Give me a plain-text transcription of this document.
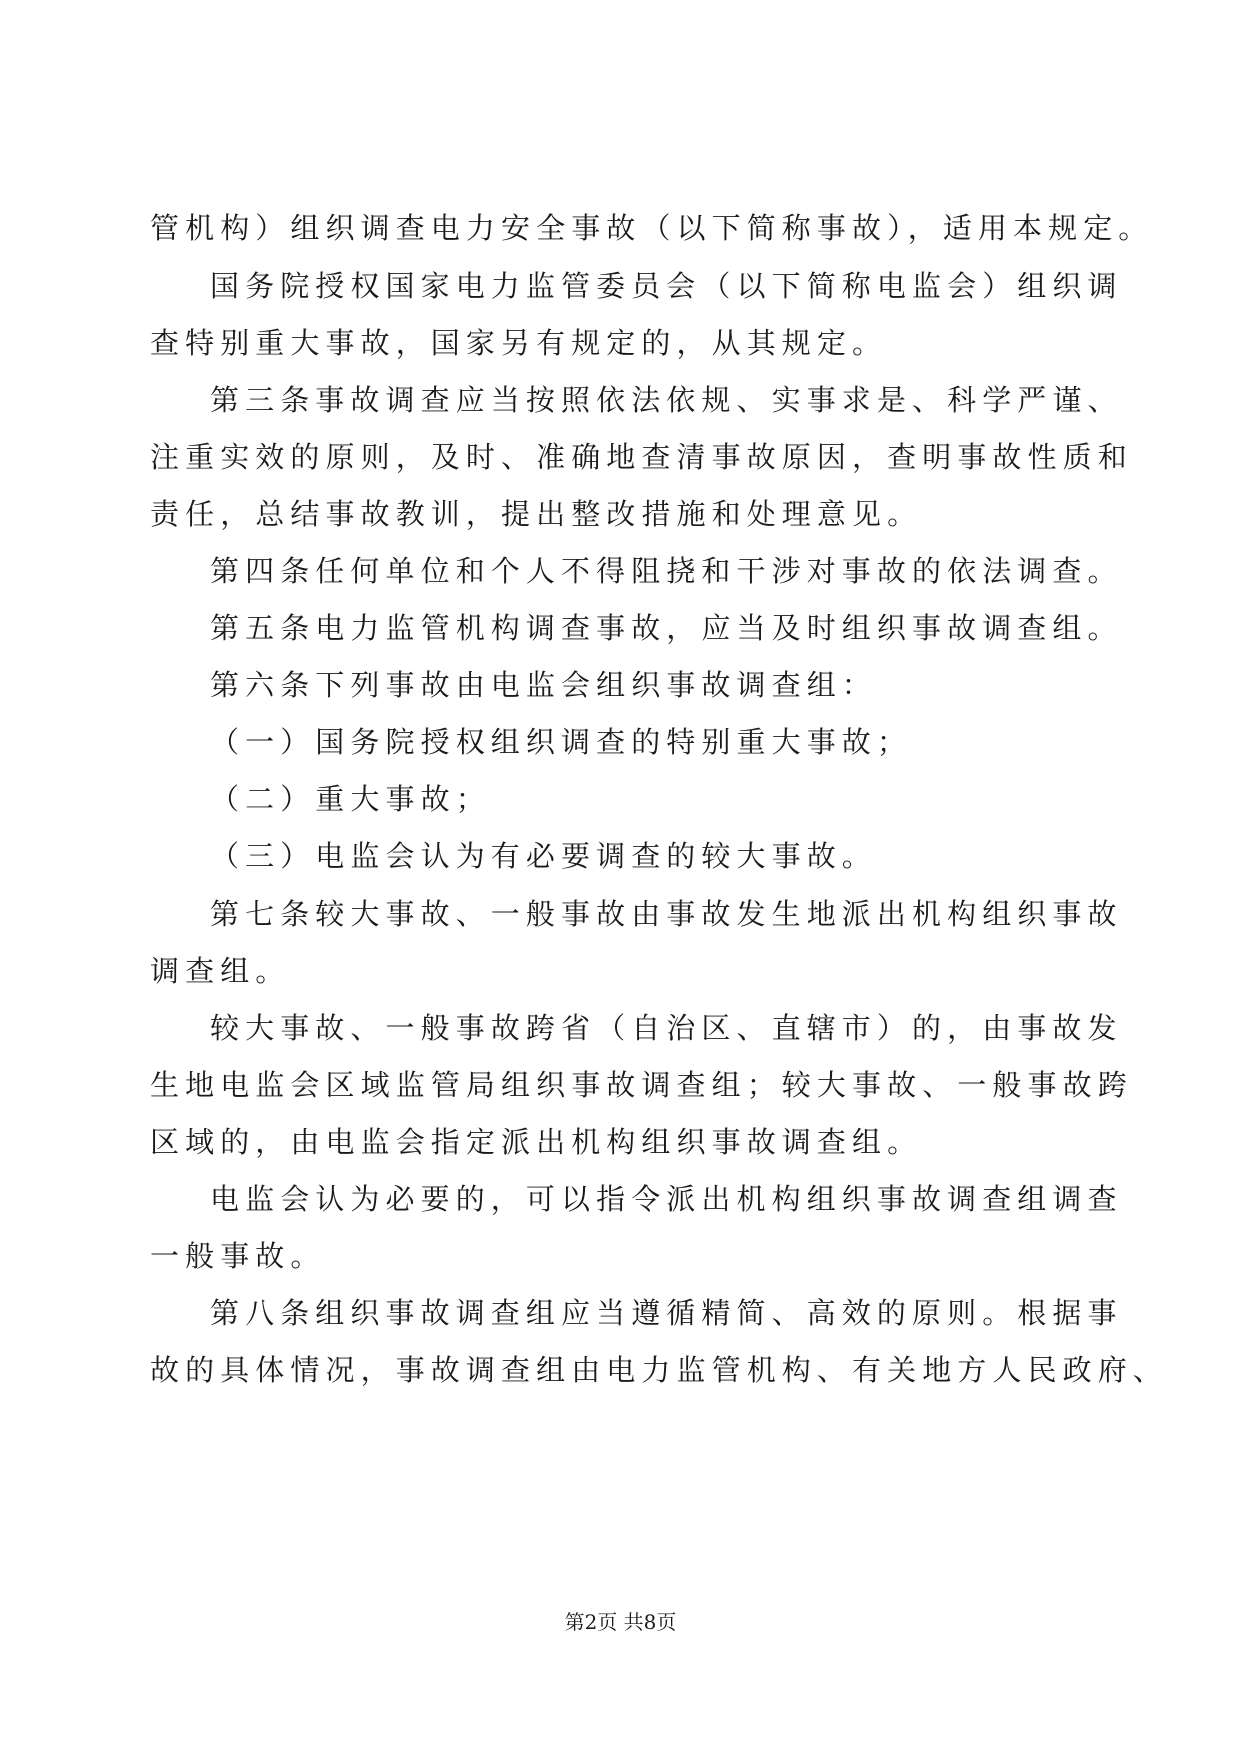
管机构）组织调查电力安全事故（以下简称事故），适用本规定。
国务院授权国家电力监管委员会（以下简称电监会）组织调
查特别重大事故，国家另有规定的，从其规定。
第三条事故调查应当按照依法依规、实事求是、科学严谨、
注重实效的原则，及时、准确地查清事故原因，查明事故性质和
责任，总结事故教训，提出整改措施和处理意见。
第四条任何单位和个人不得阻挠和干涉对事故的依法调查。
第五条电力监管机构调查事故，应当及时组织事故调查组。
第六条下列事故由电监会组织事故调查组：
（一）国务院授权组织调查的特别重大事故；
（二）重大事故；
（三）电监会认为有必要调查的较大事故。
第七条较大事故、一般事故由事故发生地派出机构组织事故
调查组。
较大事故、一般事故跨省（自治区、直辖市）的，由事故发
生地电监会区域监管局组织事故调查组；较大事故、一般事故跨
区域的，由电监会指定派出机构组织事故调查组。
电监会认为必要的，可以指令派出机构组织事故调查组调查
一般事故。
第八条组织事故调查组应当遵循精简、高效的原则。根据事
故的具体情况，事故调查组由电力监管机构、有关地方人民政府、
第2页 共8页
